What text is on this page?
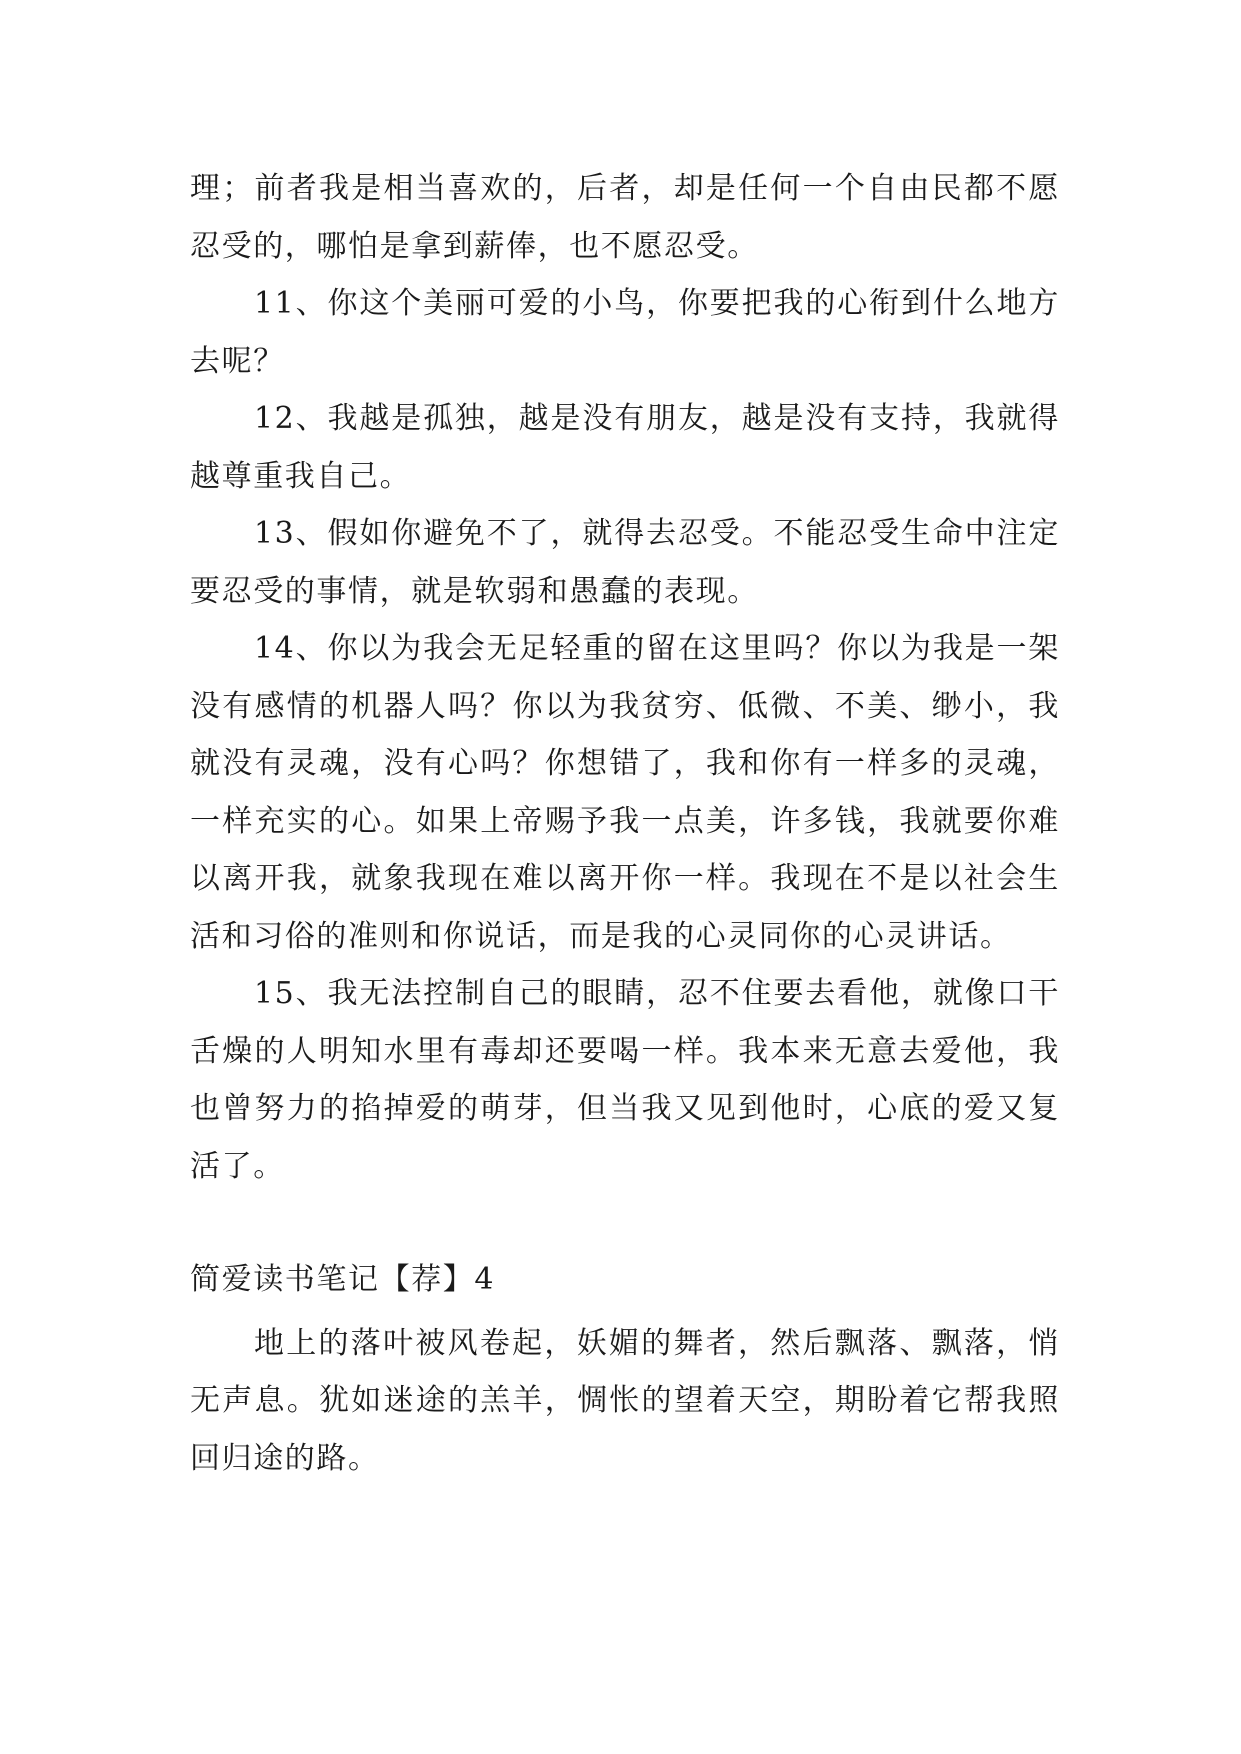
理；前者我是相当喜欢的，后者，却是任何一个自由民都不愿忍受的，哪怕是拿到薪俸，也不愿忍受。

11、你这个美丽可爱的小鸟，你要把我的心衔到什么地方去呢？

12、我越是孤独，越是没有朋友，越是没有支持，我就得越尊重我自己。

13、假如你避免不了，就得去忍受。不能忍受生命中注定要忍受的事情，就是软弱和愚蠢的表现。

14、你以为我会无足轻重的留在这里吗？你以为我是一架没有感情的机器人吗？你以为我贫穷、低微、不美、缈小，我就没有灵魂，没有心吗？你想错了，我和你有一样多的灵魂，一样充实的心。如果上帝赐予我一点美，许多钱，我就要你难以离开我，就象我现在难以离开你一样。我现在不是以社会生活和习俗的准则和你说话，而是我的心灵同你的心灵讲话。

15、我无法控制自己的眼睛，忍不住要去看他，就像口干舌燥的人明知水里有毒却还要喝一样。我本来无意去爱他，我也曾努力的掐掉爱的萌芽，但当我又见到他时，心底的爱又复活了。

简爱读书笔记【荐】4

地上的落叶被风卷起，妖媚的舞者，然后飘落、飘落，悄无声息。犹如迷途的羔羊，惆怅的望着天空，期盼着它帮我照回归途的路。
